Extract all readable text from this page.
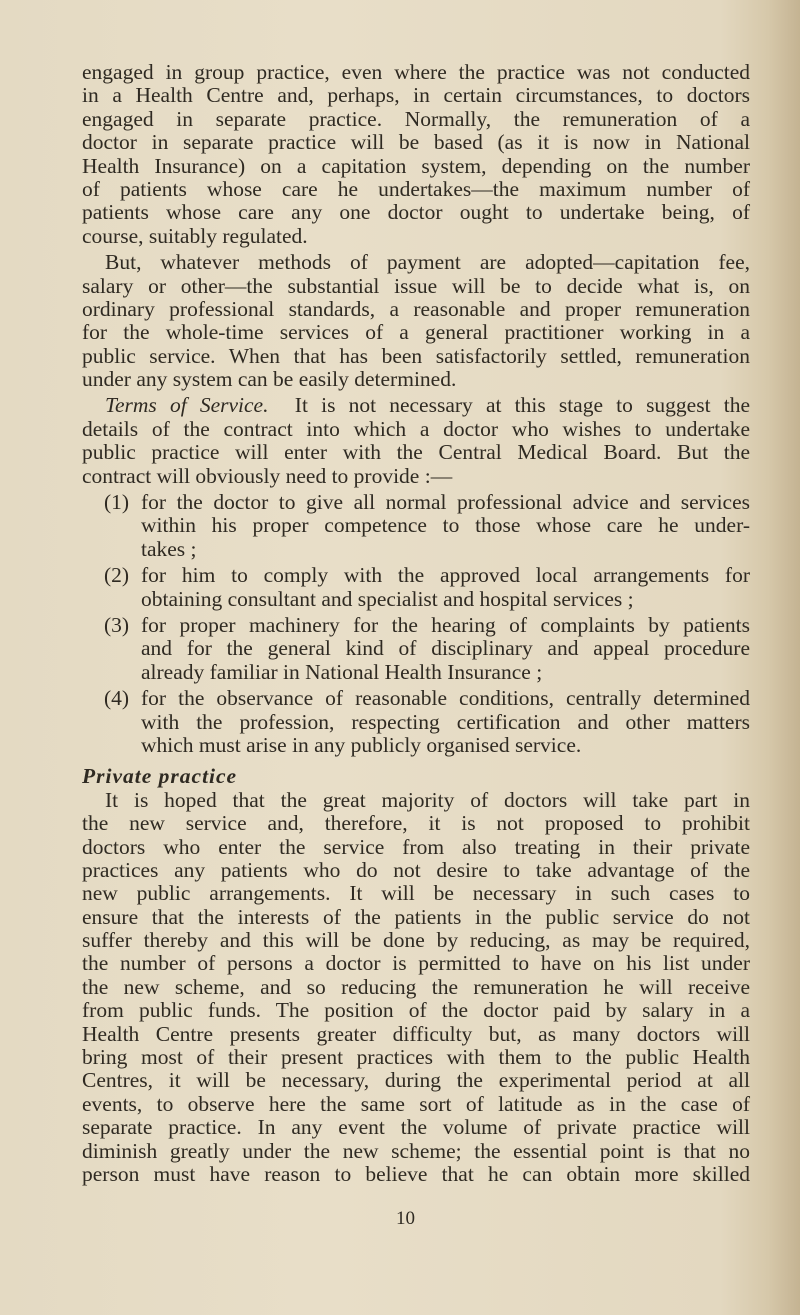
engaged in group practice, even where the practice was not conducted
in a Health Centre and, perhaps, in certain circumstances, to doctors
engaged in separate practice. Normally, the remuneration of a
doctor in separate practice will be based (as it is now in National
Health Insurance) on a capitation system, depending on the number
of patients whose care he undertakes—the maximum number of
patients whose care any one doctor ought to undertake being, of
course, suitably regulated.
But, whatever methods of payment are adopted—capitation fee,
salary or other—the substantial issue will be to decide what is, on
ordinary professional standards, a reasonable and proper remuneration
for the whole-time services of a general practitioner working in a
public service. When that has been satisfactorily settled, remuneration
under any system can be easily determined.
Terms of Service. It is not necessary at this stage to suggest the
details of the contract into which a doctor who wishes to undertake
public practice will enter with the Central Medical Board. But the
contract will obviously need to provide :—
(1) for the doctor to give all normal professional advice and services
within his proper competence to those whose care he under-
takes ;
(2) for him to comply with the approved local arrangements for
obtaining consultant and specialist and hospital services ;
(3) for proper machinery for the hearing of complaints by patients
and for the general kind of disciplinary and appeal procedure
already familiar in National Health Insurance ;
(4) for the observance of reasonable conditions, centrally determined
with the profession, respecting certification and other matters
which must arise in any publicly organised service.
Private practice
It is hoped that the great majority of doctors will take part in
the new service and, therefore, it is not proposed to prohibit
doctors who enter the service from also treating in their private
practices any patients who do not desire to take advantage of the
new public arrangements. It will be necessary in such cases to
ensure that the interests of the patients in the public service do not
suffer thereby and this will be done by reducing, as may be required,
the number of persons a doctor is permitted to have on his list under
the new scheme, and so reducing the remuneration he will receive
from public funds. The position of the doctor paid by salary in a
Health Centre presents greater difficulty but, as many doctors will
bring most of their present practices with them to the public Health
Centres, it will be necessary, during the experimental period at all
events, to observe here the same sort of latitude as in the case of
separate practice. In any event the volume of private practice will
diminish greatly under the new scheme; the essential point is that no
person must have reason to believe that he can obtain more skilled
10
